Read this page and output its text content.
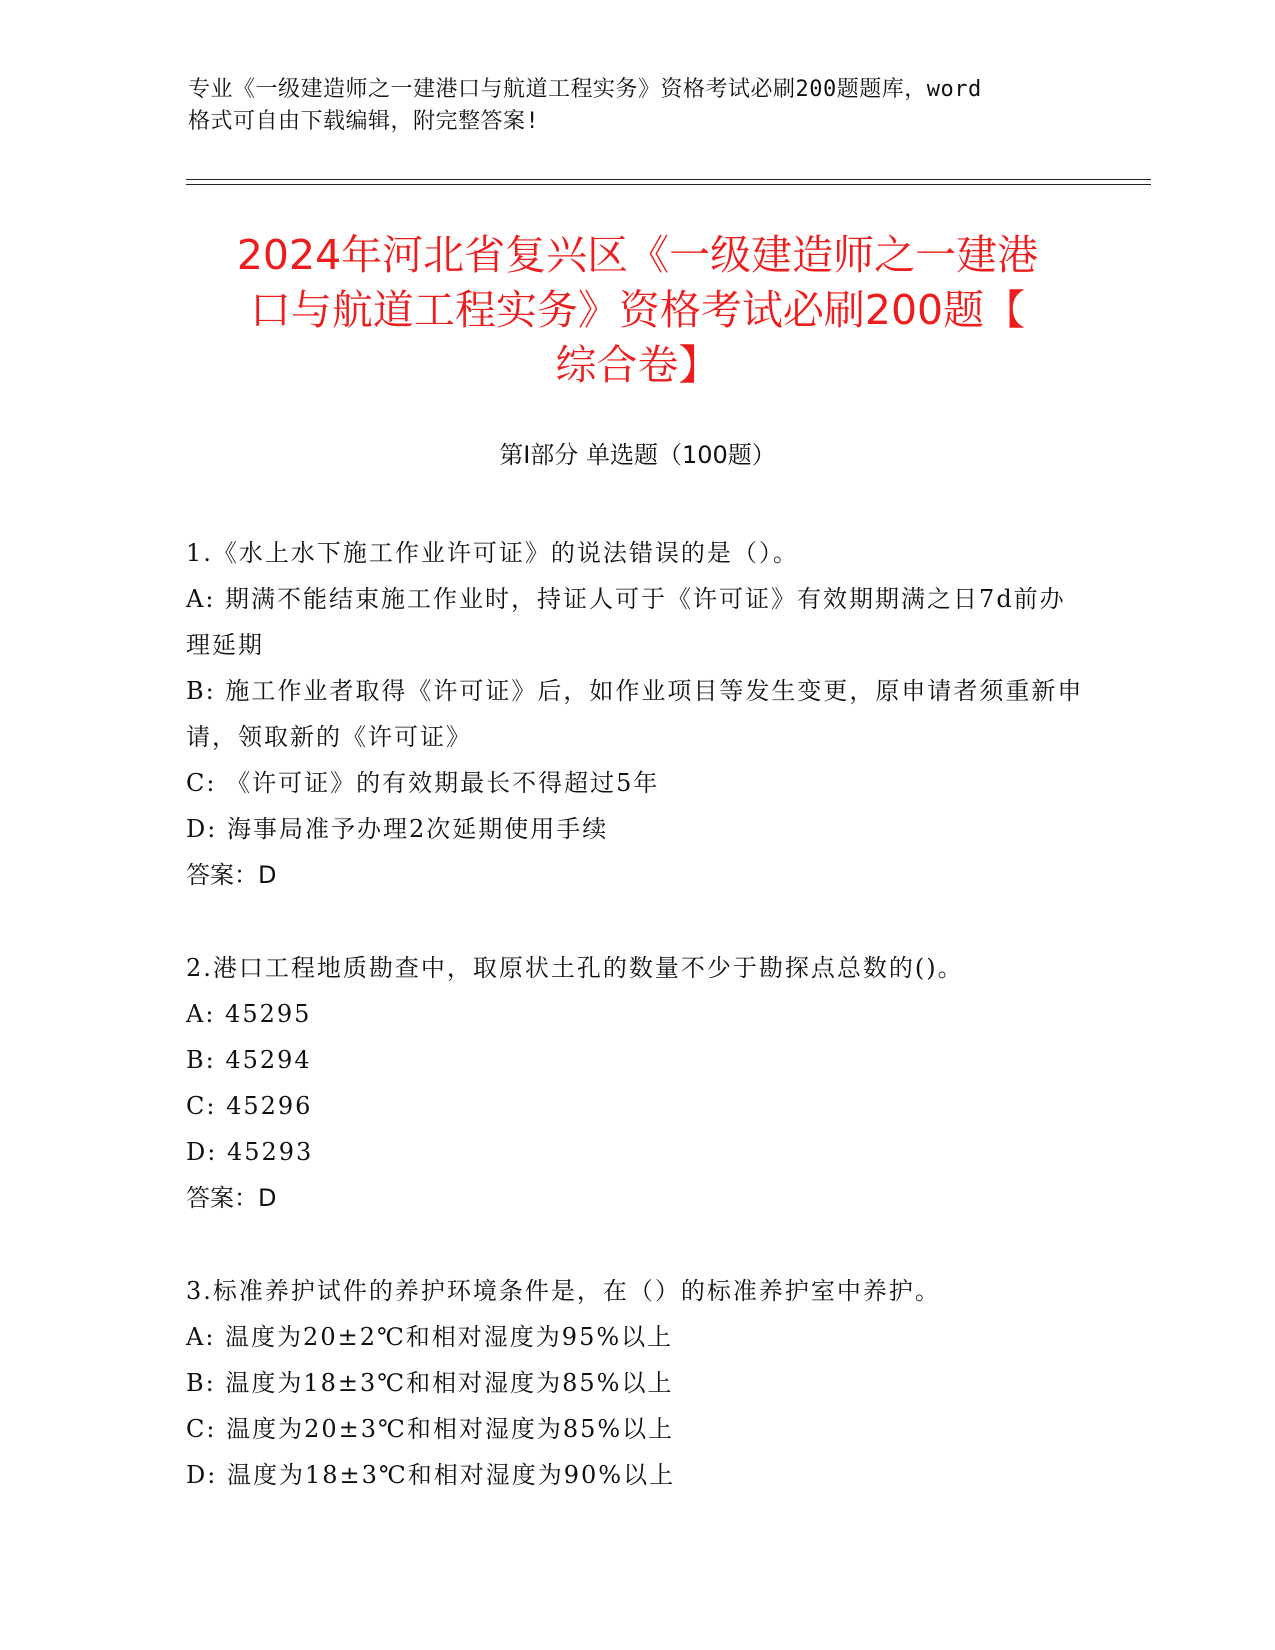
专业《一级建造师之一建港口与航道工程实务》资格考试必刷200题题库，word
格式可自由下载编辑，附完整答案!
2024年河北省复兴区《一级建造师之一建港
口与航道工程实务》资格考试必刷200题【
综合卷】
第Ⅰ部分 单选题（100题）
1.《水上水下施工作业许可证》的说法错误的是（）。
A: 期满不能结束施工作业时，持证人可于《许可证》有效期期满之日7d前办理延期
B: 施工作业者取得《许可证》后，如作业项目等发生变更，原申请者须重新申请，领取新的《许可证》
C: 《许可证》的有效期最长不得超过5年
D: 海事局准予办理2次延期使用手续
答案：D
2.港口工程地质勘查中，取原状土孔的数量不少于勘探点总数的()。
A: 45295
B: 45294
C: 45296
D: 45293
答案：D
3.标准养护试件的养护环境条件是，在（）的标准养护室中养护。
A: 温度为20±2℃和相对湿度为95%以上
B: 温度为18±3℃和相对湿度为85%以上
C: 温度为20±3℃和相对湿度为85%以上
D: 温度为18±3℃和相对湿度为90%以上
